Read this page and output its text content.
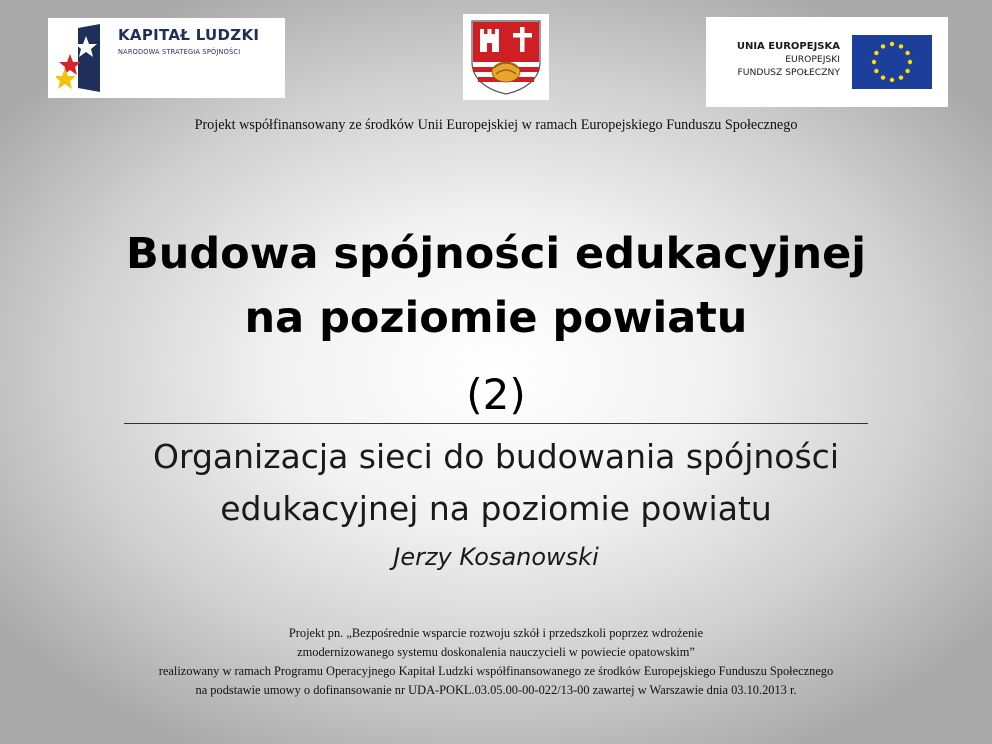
KAPITAŁ LUDZKI
NARODOWA STRATEGIA SPÓJNOŚCI	UNIA EUROPEJSKA
EUROPEJSKI
FUNDUSZ SPOŁECZNY
Projekt współfinansowany ze środków Unii Europejskiej w ramach Europejskiego Funduszu Społecznego
Budowa spójności edukacyjnej
na poziomie powiatu
(2)
Organizacja sieci do budowania spójności
edukacyjnej na poziomie powiatu
Jerzy Kosanowski
Projekt pn. „Bezpośrednie wsparcie rozwoju szkół i przedszkoli poprzez wdrożenie
zmodernizowanego systemu doskonalenia nauczycieli w powiecie opatowskim”
realizowany w ramach Programu Operacyjnego Kapitał Ludzki współfinansowanego ze środków Europejskiego Funduszu Społecznego
na podstawie umowy o dofinansowanie nr UDA-POKL.03.05.00-00-022/13-00 zawartej w Warszawie dnia 03.10.2013 r.
